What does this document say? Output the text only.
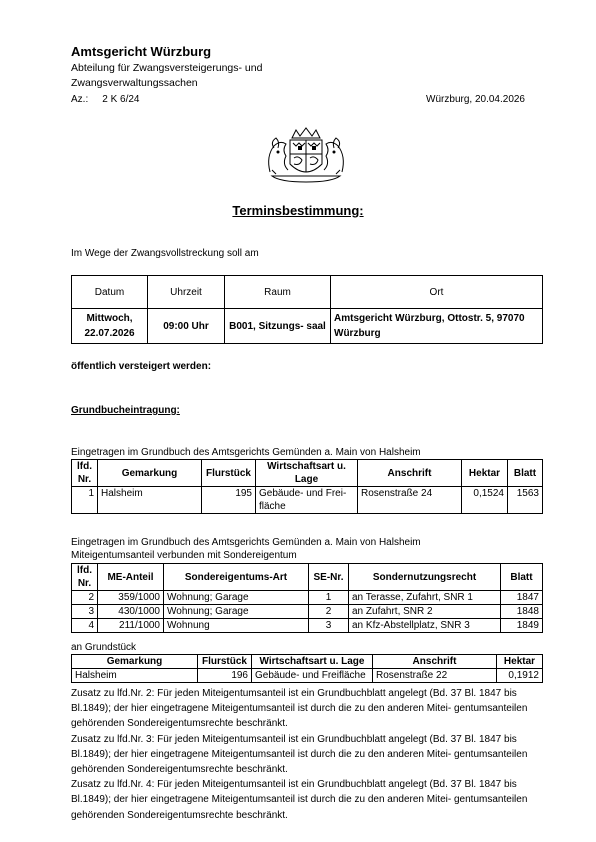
Amtsgericht Würzburg
Abteilung für Zwangsversteigerungs- und Zwangsverwaltungssachen
Az.: 2 K 6/24	Würzburg, 20.04.2026
Terminsbestimmung:
Im Wege der Zwangsvollstreckung soll am
Datum	Uhrzeit	Raum	Ort
Mittwoch, 22.07.2026	09:00 Uhr	B001, Sitzungs- saal	Amtsgericht Würzburg, Ottostr. 5, 97070 Würzburg
öffentlich versteigert werden:
Grundbucheintragung:
Eingetragen im Grundbuch des Amtsgerichts Gemünden a. Main von Halsheim
lfd. Nr.	Gemarkung	Flurstück	Wirtschaftsart u. Lage	Anschrift	Hektar	Blatt
1	Halsheim	195	Gebäude- und Frei- fläche	Rosenstraße 24	0,1524	1563
Eingetragen im Grundbuch des Amtsgerichts Gemünden a. Main von Halsheim
Miteigentumsanteil verbunden mit Sondereigentum
lfd. Nr.	ME-Anteil	Sondereigentums-Art	SE-Nr.	Sondernutzungsrecht	Blatt
2	359/1000	Wohnung; Garage	1	an Terasse, Zufahrt, SNR 1	1847
3	430/1000	Wohnung; Garage	2	an Zufahrt, SNR 2	1848
4	211/1000	Wohnung	3	an Kfz-Abstellplatz, SNR 3	1849
an Grundstück
Gemarkung	Flurstück	Wirtschaftsart u. Lage	Anschrift	Hektar
Halsheim	196	Gebäude- und Freifläche	Rosenstraße 22	0,1912
Zusatz zu lfd.Nr. 2: Für jeden Miteigentumsanteil ist ein Grundbuchblatt angelegt (Bd. 37 Bl. 1847 bis Bl.1849); der hier eingetragene Miteigentumsanteil ist durch die zu den anderen Mitei- gentumsanteilen gehörenden Sondereigentumsrechte beschränkt.
Zusatz zu lfd.Nr. 3: Für jeden Miteigentumsanteil ist ein Grundbuchblatt angelegt (Bd. 37 Bl. 1847 bis Bl.1849); der hier eingetragene Miteigentumsanteil ist durch die zu den anderen Mitei- gentumsanteilen gehörenden Sondereigentumsrechte beschränkt.
Zusatz zu lfd.Nr. 4: Für jeden Miteigentumsanteil ist ein Grundbuchblatt angelegt (Bd. 37 Bl. 1847 bis Bl.1849); der hier eingetragene Miteigentumsanteil ist durch die zu den anderen Mitei- gentumsanteilen gehörenden Sondereigentumsrechte beschränkt.
